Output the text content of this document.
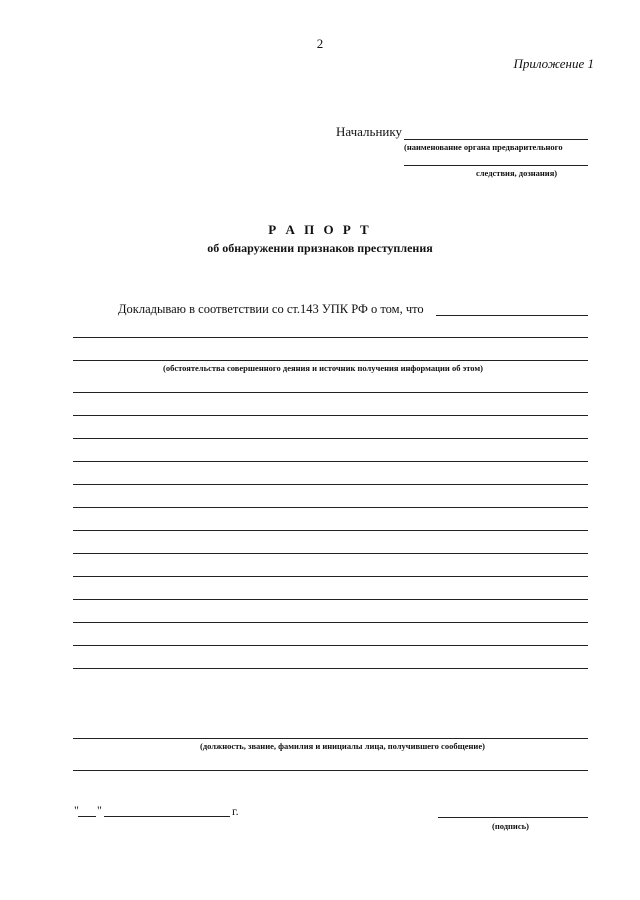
2
Приложение 1
Начальнику
(наименование органа предварительного
следствия, дознания)
Р А П О Р Т
об обнаружении признаков преступления
Докладываю в соответствии со ст.143 УПК РФ о том, что
(обстоятельства совершенного деяния и источник получения информации об этом)
(должность, звание, фамилия и инициалы лица, получившего сообщение)
" "	г.
(подпись)
